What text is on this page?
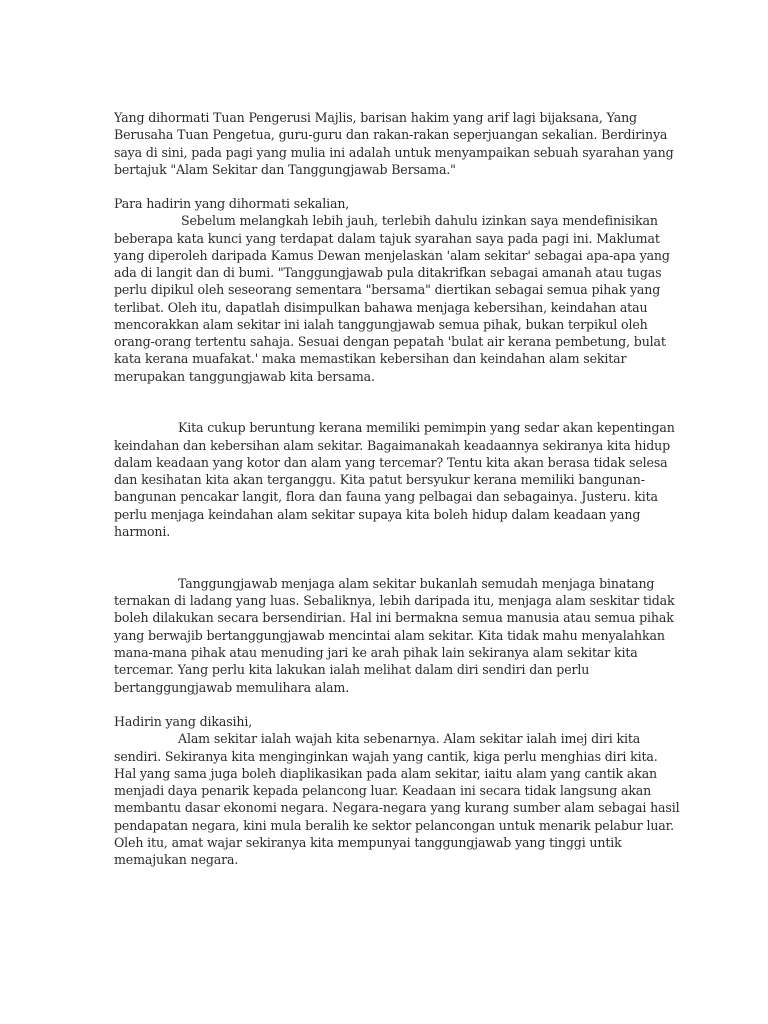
Yang dihormati Tuan Pengerusi Majlis, barisan hakim yang arif lagi bijaksana, Yang
Berusaha Tuan Pengetua, guru-guru dan rakan-rakan seperjuangan sekalian. Berdirinya
saya di sini, pada pagi yang mulia ini adalah untuk menyampaikan sebuah syarahan yang
bertajuk "Alam Sekitar dan Tanggungjawab Bersama."
Para hadirin yang dihormati sekalian,
Sebelum melangkah lebih jauh, terlebih dahulu izinkan saya mendefinisikan
beberapa kata kunci yang terdapat dalam tajuk syarahan saya pada pagi ini. Maklumat
yang diperoleh daripada Kamus Dewan menjelaskan 'alam sekitar' sebagai apa-apa yang
ada di langit dan di bumi. "Tanggungjawab pula ditakrifkan sebagai amanah atau tugas
perlu dipikul oleh seseorang sementara "bersama" diertikan sebagai semua pihak yang
terlibat. Oleh itu, dapatlah disimpulkan bahawa menjaga kebersihan, keindahan atau
mencorakkan alam sekitar ini ialah tanggungjawab semua pihak, bukan terpikul oleh
orang-orang tertentu sahaja. Sesuai dengan pepatah 'bulat air kerana pembetung, bulat
kata kerana muafakat.' maka memastikan kebersihan dan keindahan alam sekitar
merupakan tanggungjawab kita bersama.
Kita cukup beruntung kerana memiliki pemimpin yang sedar akan kepentingan
keindahan dan kebersihan alam sekitar. Bagaimanakah keadaannya sekiranya kita hidup
dalam keadaan yang kotor dan alam yang tercemar? Tentu kita akan berasa tidak selesa
dan kesihatan kita akan terganggu. Kita patut bersyukur kerana memiliki bangunan-
bangunan pencakar langit, flora dan fauna yang pelbagai dan sebagainya. Justeru. kita
perlu menjaga keindahan alam sekitar supaya kita boleh hidup dalam keadaan yang
harmoni.
Tanggungjawab menjaga alam sekitar bukanlah semudah menjaga binatang
ternakan di ladang yang luas. Sebaliknya, lebih daripada itu, menjaga alam seskitar tidak
boleh dilakukan secara bersendirian. Hal ini bermakna semua manusia atau semua pihak
yang berwajib bertanggungjawab mencintai alam sekitar. Kita tidak mahu menyalahkan
mana-mana pihak atau menuding jari ke arah pihak lain sekiranya alam sekitar kita
tercemar. Yang perlu kita lakukan ialah melihat dalam diri sendiri dan perlu
bertanggungjawab memulihara alam.
Hadirin yang dikasihi,
Alam sekitar ialah wajah kita sebenarnya. Alam sekitar ialah imej diri kita
sendiri. Sekiranya kita menginginkan wajah yang cantik, kiga perlu menghias diri kita.
Hal yang sama juga boleh diaplikasikan pada alam sekitar, iaitu alam yang cantik akan
menjadi daya penarik kepada pelancong luar. Keadaan ini secara tidak langsung akan
membantu dasar ekonomi negara. Negara-negara yang kurang sumber alam sebagai hasil
pendapatan negara, kini mula beralih ke sektor pelancongan untuk menarik pelabur luar.
Oleh itu, amat wajar sekiranya kita mempunyai tanggungjawab yang tinggi untik
memajukan negara.
